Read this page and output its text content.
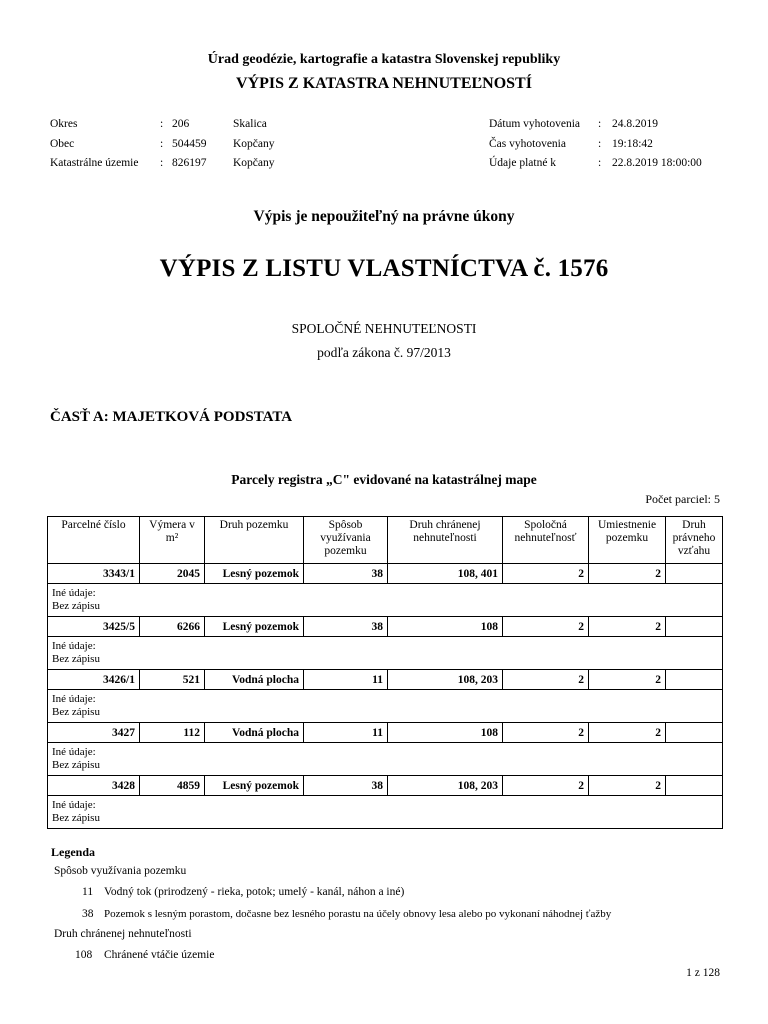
Úrad geodézie, kartografie a katastra Slovenskej republiky
VÝPIS Z KATASTRA NEHNUTEĽNOSTÍ
Okres	: 206	Skalica
Obec	: 504459 Kopčany
Katastrálne územie : 826197 Kopčany
Dátum vyhotovenia : 24.8.2019
Čas vyhotovenia	: 19:18:42
Údaje platné k	: 22.8.2019 18:00:00
Výpis je nepoužiteľný na právne úkony
VÝPIS Z LISTU VLASTNÍCTVA č. 1576
SPOLOČNÉ NEHNUTEĽNOSTI
podľa zákona č. 97/2013
ČASŤ A: MAJETKOVÁ PODSTATA
Parcely registra „C" evidované na katastrálnej mape
Počet parciel: 5
Parcelné číslo	Výmera v m²	Druh pozemku	Spôsob využívania pozemku	Druh chránenej nehnuteľnosti	Spoločná nehnuteľnosť	Umiestnenie pozemku	Druh právneho vzťahu
3343/1	2045	Lesný pozemok	38	108, 401	2	2	
Iné údaje:
Bez zápisu							
3425/5	6266	Lesný pozemok	38	108	2	2	
Iné údaje:
Bez zápisu							
3426/1	521	Vodná plocha	11	108, 203	2	2	
Iné údaje:
Bez zápisu							
3427	112	Vodná plocha	11	108	2	2	
Iné údaje:
Bez zápisu							
3428	4859	Lesný pozemok	38	108, 203	2	2	
Iné údaje:
Bez zápisu							
Legenda
Spôsob využívania pozemku
11 Vodný tok (prirodzený - rieka, potok; umelý - kanál, náhon a iné)
38 Pozemok s lesným porastom, dočasne bez lesného porastu na účely obnovy lesa alebo po vykonaní náhodnej ťažby
Druh chránenej nehnuteľnosti
108 Chránené vtáčie územie
1 z 128
